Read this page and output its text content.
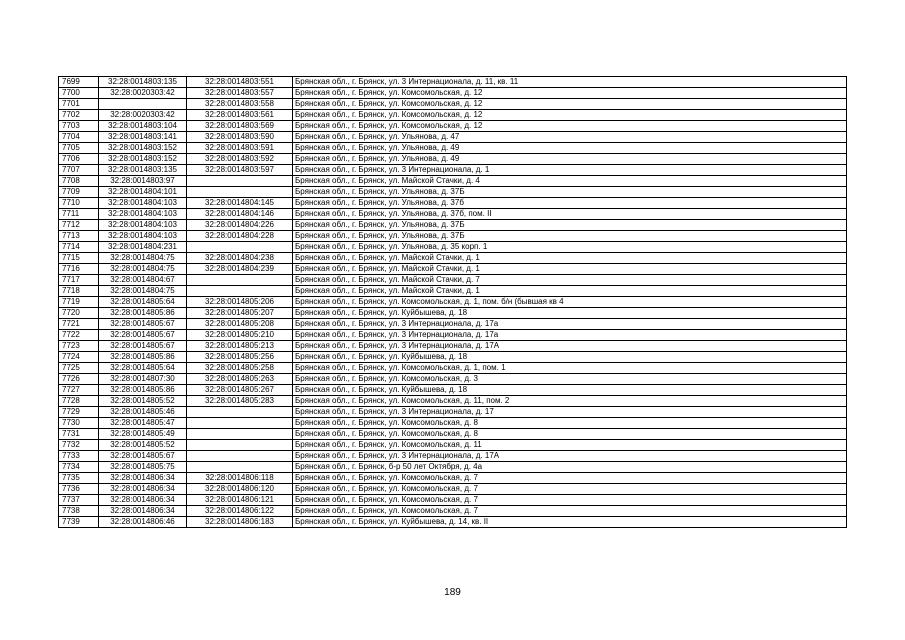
7699	32:28:0014803:135	32:28:0014803:551	Брянская обл., г. Брянск, ул. 3 Интернационала, д. 11, кв. 11
7700	32:28:0020303:42	32:28:0014803:557	Брянская обл., г. Брянск, ул. Комсомольская, д. 12
7701		32:28:0014803:558	Брянская обл., г. Брянск, ул. Комсомольская, д. 12
7702	32:28:0020303:42	32:28:0014803:561	Брянская обл., г. Брянск, ул. Комсомольская, д. 12
7703	32:28:0014803:104	32:28:0014803:569	Брянская обл., г. Брянск, ул. Комсомольская, д. 12
7704	32:28:0014803:141	32:28:0014803:590	Брянская обл., г. Брянск, ул. Ульянова, д. 47
7705	32:28:0014803:152	32:28:0014803:591	Брянская обл., г. Брянск, ул. Ульянова, д. 49
7706	32:28:0014803:152	32:28:0014803:592	Брянская обл., г. Брянск, ул. Ульянова, д. 49
7707	32:28:0014803:135	32:28:0014803:597	Брянская обл., г. Брянск, ул. 3 Интернационала, д. 1
7708	32:28:0014803:97		Брянская обл., г. Брянск, ул. Майской Стачки, д. 4
7709	32:28:0014804:101		Брянская обл., г. Брянск, ул. Ульянова, д. 37Б
7710	32:28:0014804:103	32:28:0014804:145	Брянская обл., г. Брянск, ул. Ульянова, д. 37б
7711	32:28:0014804:103	32:28:0014804:146	Брянская обл., г. Брянск, ул. Ульянова, д. 37б, пом. II
7712	32:28:0014804:103	32:28:0014804:226	Брянская обл., г. Брянск, ул. Ульянова, д. 37Б
7713	32:28:0014804:103	32:28:0014804:228	Брянская обл., г. Брянск, ул. Ульянова, д. 37Б
7714	32:28:0014804:231		Брянская обл., г. Брянск, ул. Ульянова, д. 35 корп. 1
7715	32:28:0014804:75	32:28:0014804:238	Брянская обл., г. Брянск, ул. Майской Стачки, д. 1
7716	32:28:0014804:75	32:28:0014804:239	Брянская обл., г. Брянск, ул. Майской Стачки, д. 1
7717	32:28:0014804:67		Брянская обл., г. Брянск, ул. Майской Стачки, д. 7
7718	32:28:0014804:75		Брянская обл., г. Брянск, ул. Майской Стачки, д. 1
7719	32:28:0014805:64	32:28:0014805:206	Брянская обл., г. Брянск, ул. Комсомольская, д. 1, пом. б/н (бывшая кв 4
7720	32:28:0014805:86	32:28:0014805:207	Брянская обл., г. Брянск, ул. Куйбышева, д. 18
7721	32:28:0014805:67	32:28:0014805:208	Брянская обл., г. Брянск, ул. 3 Интернационала, д. 17а
7722	32:28:0014805:67	32:28:0014805:210	Брянская обл., г. Брянск, ул. 3 Интернационала, д. 17а
7723	32:28:0014805:67	32:28:0014805:213	Брянская обл., г. Брянск, ул. 3 Интернационала, д. 17А
7724	32:28:0014805:86	32:28:0014805:256	Брянская обл., г. Брянск, ул. Куйбышева, д. 18
7725	32:28:0014805:64	32:28:0014805:258	Брянская обл., г. Брянск, ул. Комсомольская, д. 1, пом. 1
7726	32:28:0014807:30	32:28:0014805:263	Брянская обл., г. Брянск, ул. Комсомольская, д. 3
7727	32:28:0014805:86	32:28:0014805:267	Брянская обл., г. Брянск, ул. Куйбышева, д. 18
7728	32:28:0014805:52	32:28:0014805:283	Брянская обл., г. Брянск, ул. Комсомольская, д. 11, пом. 2
7729	32:28:0014805:46		Брянская обл., г. Брянск, ул. 3 Интернационала, д. 17
7730	32:28:0014805:47		Брянская обл., г. Брянск, ул. Комсомольская, д. 8
7731	32:28:0014805:49		Брянская обл., г. Брянск, ул. Комсомольская, д. 8
7732	32:28:0014805:52		Брянская обл., г. Брянск, ул. Комсомольская, д. 11
7733	32:28:0014805:67		Брянская обл., г. Брянск, ул. 3 Интернационала, д. 17А
7734	32:28:0014805:75		Брянская обл., г. Брянск, б-р 50 лет Октября, д. 4а
7735	32:28:0014806:34	32:28:0014806:118	Брянская обл., г. Брянск, ул. Комсомольская, д. 7
7736	32:28:0014806:34	32:28:0014806:120	Брянская обл., г. Брянск, ул. Комсомольская, д. 7
7737	32:28:0014806:34	32:28:0014806:121	Брянская обл., г. Брянск, ул. Комсомольская, д. 7
7738	32:28:0014806:34	32:28:0014806:122	Брянская обл., г. Брянск, ул. Комсомольская, д. 7
7739	32:28:0014806:46	32:28:0014806:183	Брянская обл., г. Брянск, ул. Куйбышева, д. 14, кв. II
189
